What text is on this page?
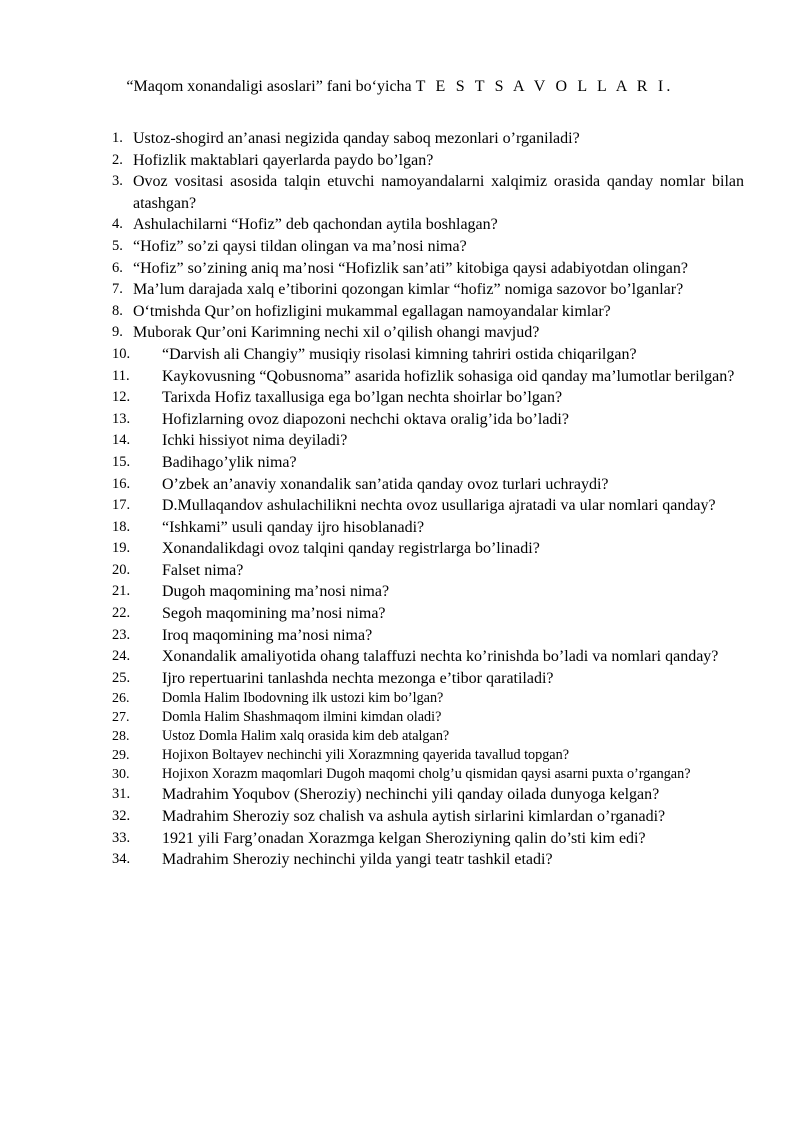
“Maqom xonandaligi asoslari” fani bo‘yicha T E S T S A V O L L A R I.
1. Ustoz-shogird an’anasi negizida qanday saboq mezonlari o’rganiladi?
2. Hofizlik maktablari qayerlarda paydo bo’lgan?
3. Ovoz vositasi asosida talqin etuvchi namoyandalarni xalqimiz orasida qanday nomlar bilan atashgan?
4. Ashulachilarni “Hofiz” deb qachondan aytila boshlagan?
5. “Hofiz” so’zi qaysi tildan olingan va ma’nosi nima?
6. “Hofiz” so’zining aniq ma’nosi “Hofizlik san’ati” kitobiga qaysi adabiyotdan olingan?
7. Ma’lum darajada xalq e’tiborini qozongan kimlar “hofiz” nomiga sazovor bo’lganlar?
8. O‘tmishda Qur’on hofizligini mukammal egallagan namoyandalar kimlar?
9. Muborak Qur’oni Karimning nechi xil o’qilish ohangi mavjud?
10.	“Darvish ali Changiy” musiqiy risolasi kimning tahriri ostida chiqarilgan?
11.	Kaykovusning “Qobusnoma” asarida hofizlik sohasiga oid qanday ma’lumotlar berilgan?
12.	Tarixda Hofiz taxallusiga ega bo’lgan nechta shoirlar bo’lgan?
13.	Hofizlarning ovoz diapozoni nechchi oktava oralig’ida bo’ladi?
14.	Ichki hissiyot nima deyiladi?
15.	Badihago’ylik nima?
16.	O’zbek an’anaviy xonandalik san’atida qanday ovoz turlari uchraydi?
17.	D.Mullaqandov ashulachilikni nechta ovoz usullariga ajratadi va ular nomlari qanday?
18.	“Ishkami” usuli qanday ijro hisoblanadi?
19.	Xonandalikdagi ovoz talqini qanday registrlarga bo’linadi?
20.	Falset nima?
21.	Dugoh maqomining ma’nosi nima?
22.	Segoh maqomining ma’nosi nima?
23.	Iroq maqomining ma’nosi nima?
24.	Xonandalik amaliyotida ohang talaffuzi nechta ko’rinishda bo’ladi va nomlari qanday?
25.	Ijro repertuarini tanlashda nechta mezonga e’tibor qaratiladi?
26.	Domla Halim Ibodovning ilk ustozi kim bo’lgan?
27.	Domla Halim Shashmaqom ilmini kimdan oladi?
28.	Ustoz Domla Halim xalq orasida kim deb atalgan?
29.	Hojixon Boltayev nechinchi yili Xorazmning qayerida tavallud topgan?
30.	Hojixon Xorazm maqomlari Dugoh maqomi cholg’u qismidan qaysi asarni puxta o’rgangan?
31.	Madrahim Yoqubov (Sheroziy) nechinchi yili qanday oilada dunyoga kelgan?
32.	Madrahim Sheroziy soz chalish va ashula aytish sirlarini kimlardan o’rganadi?
33.	1921 yili Farg’onadan Xorazmga kelgan Sheroziyning qalin do’sti kim edi?
34.	Madrahim Sheroziy nechinchi yilda yangi teatr tashkil etadi?
